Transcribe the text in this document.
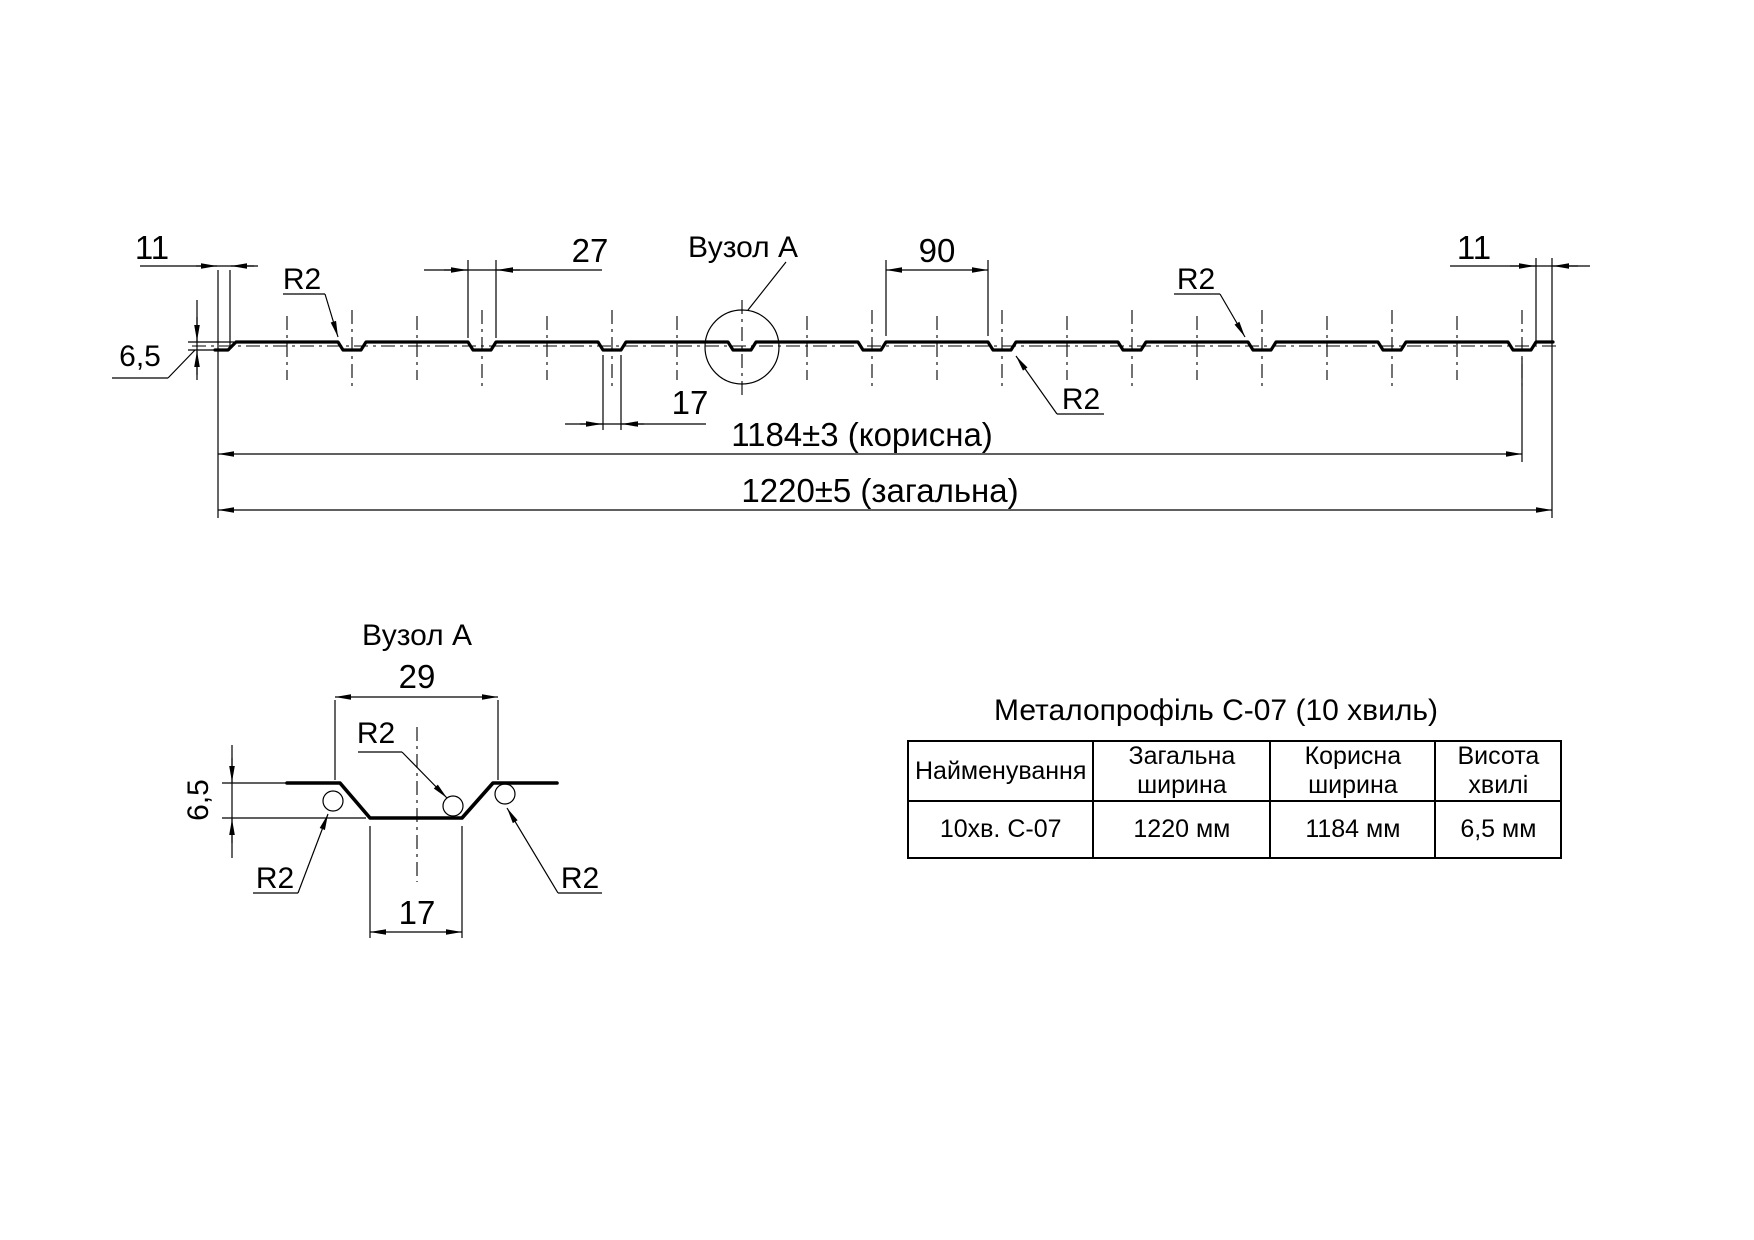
Вузол А
11	27	90
R2	R2
R2
6,5
17
11
1184±3 (корисна)
1220±5 (загальна)
Вузол А
29
R2
6,5
R2	R2
17
Металопрофіль С-07 (10 хвиль)
Найменування	Загальна ширина	Корисна ширина	Висота хвилі
10хв. С-07	1220 мм	1184 мм	6,5 мм
